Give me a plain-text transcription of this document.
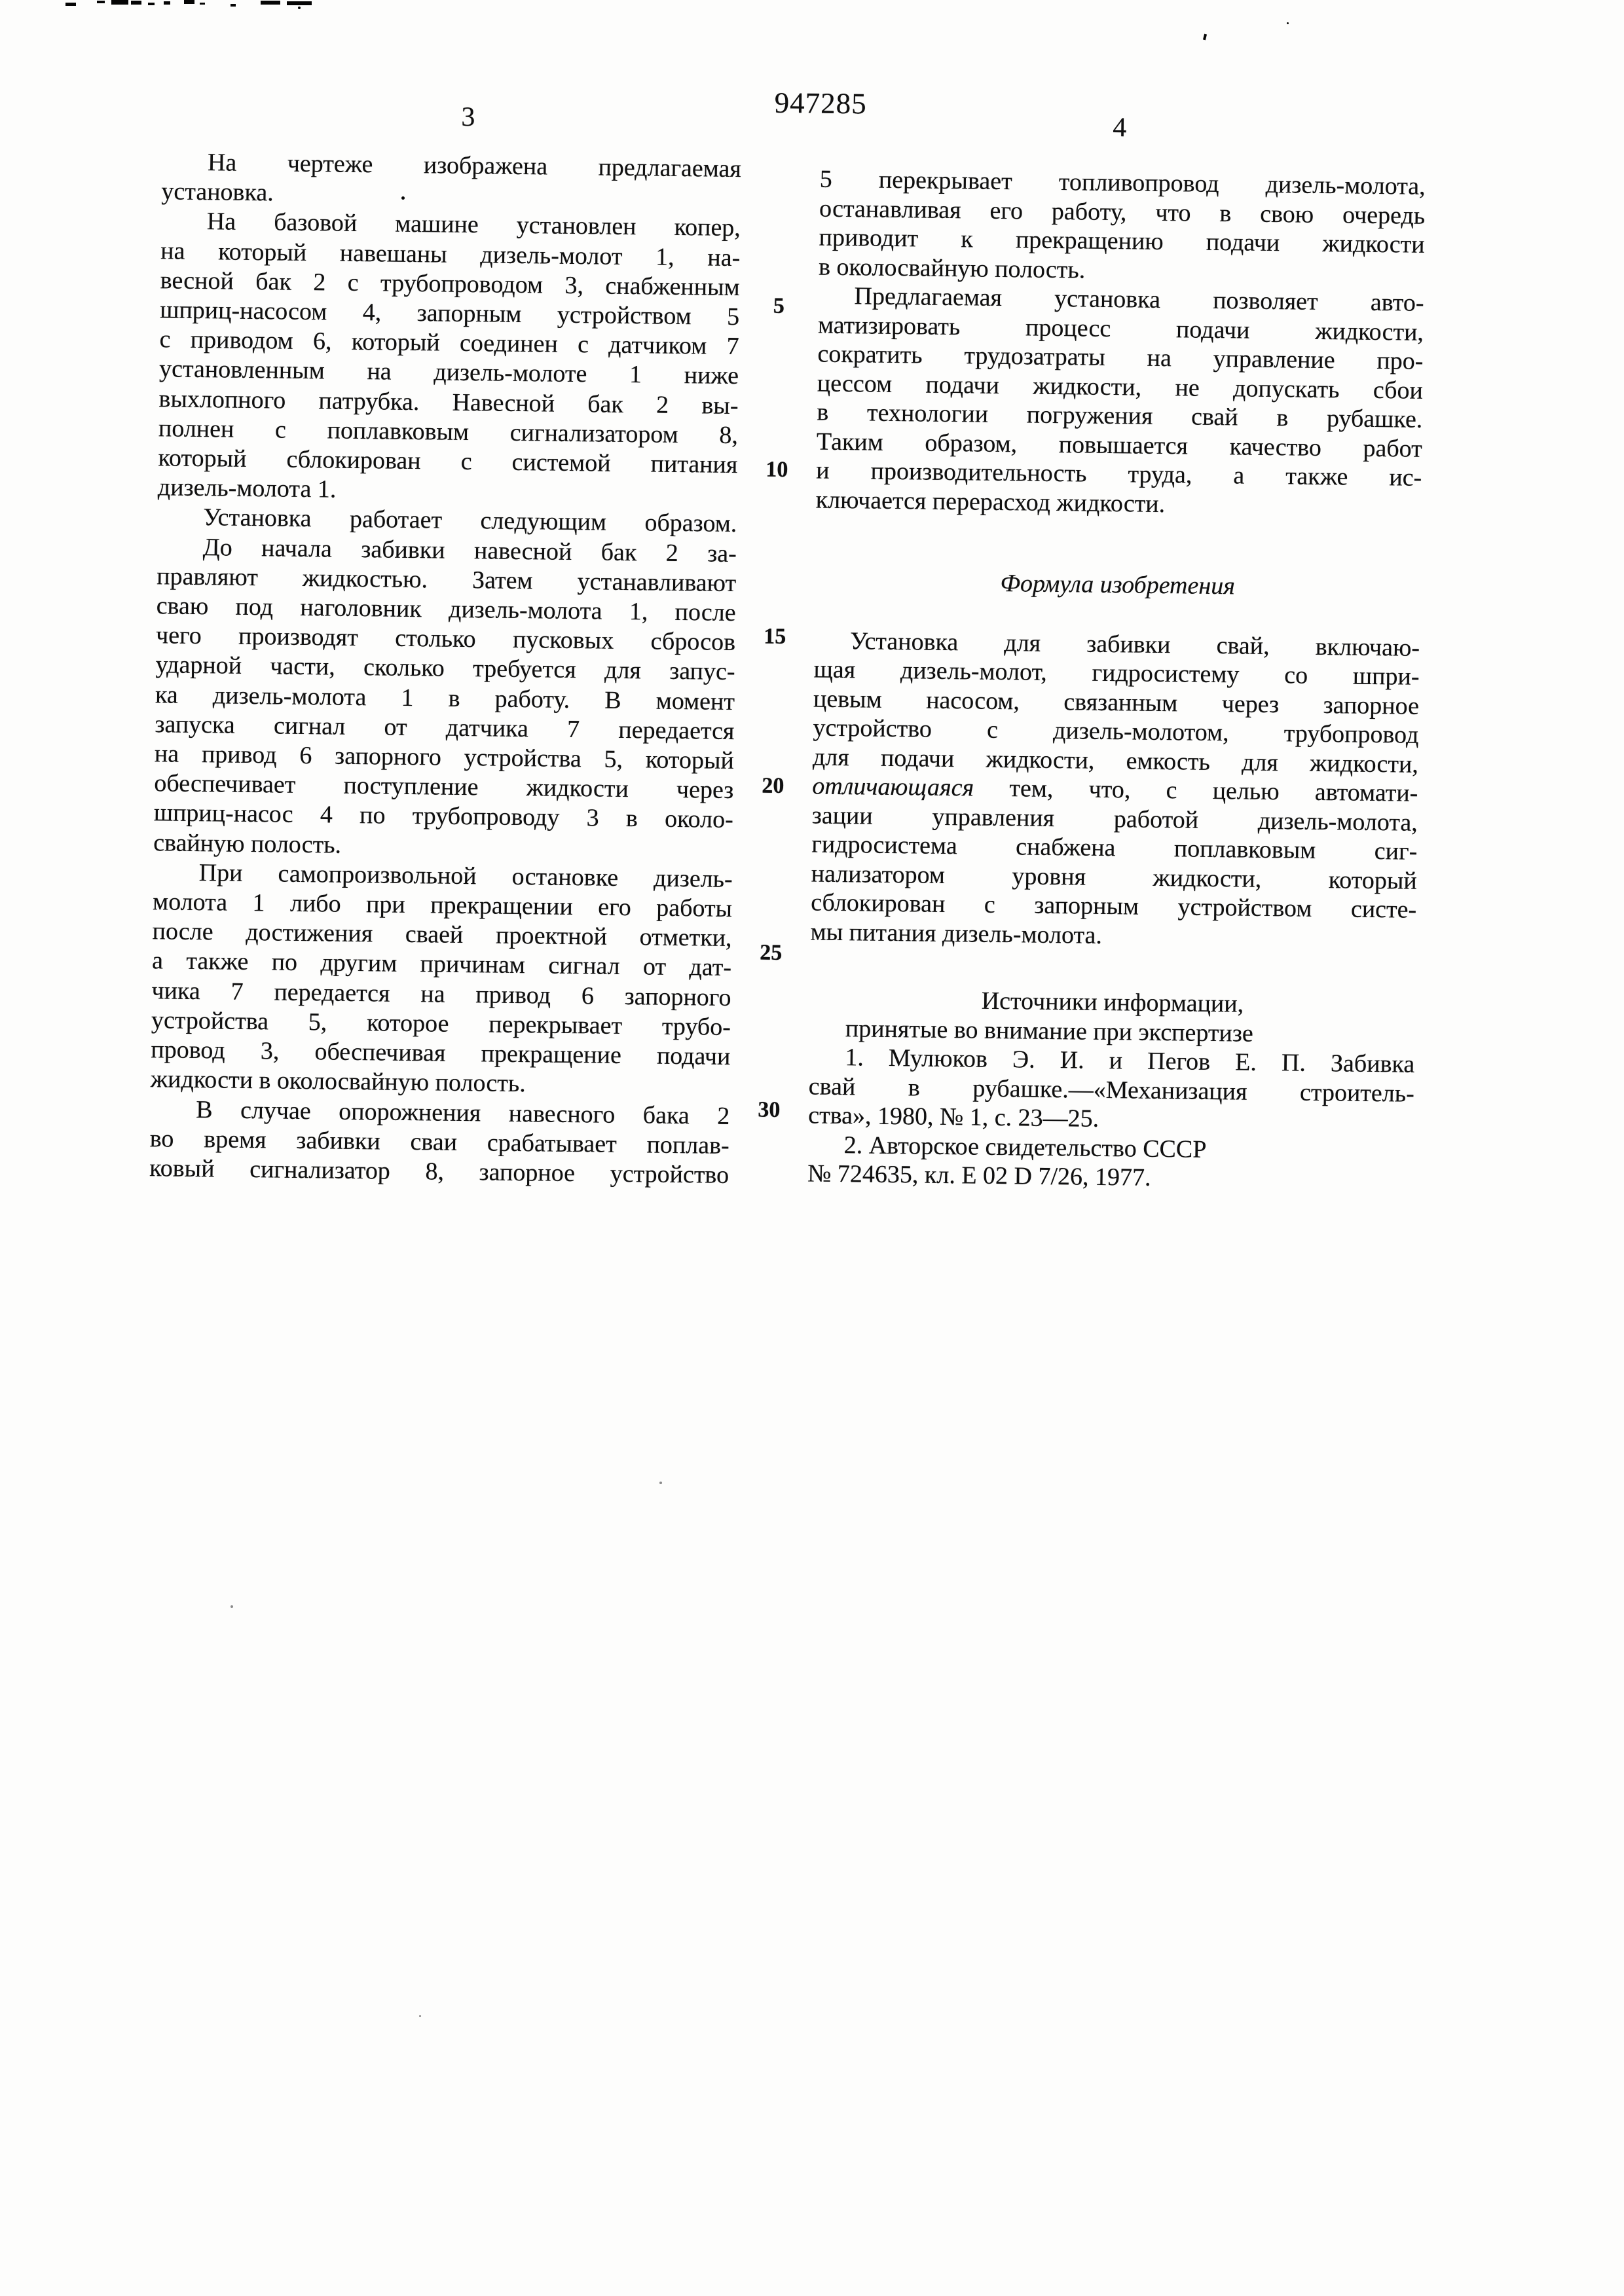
3	947285
4
На чертеже изображена предлагаемая
установка.
На базовой машине установлен копер,
на который навешаны дизель-молот 1, на-
весной бак 2 с трубопроводом 3, снабженным
шприц-насосом 4, запорным устройством 5
с приводом 6, который соединен с датчиком 7
установленным на дизель-молоте 1 ниже
выхлопного патрубка. Навесной бак 2 вы-
полнен с поплавковым сигнализатором 8,
который сблокирован с системой питания
дизель-молота 1.
Установка работает следующим образом.
До начала забивки навесной бак 2 за-
правляют жидкостью. Затем устанавливают
сваю под наголовник дизель-молота 1, после
чего производят столько пусковых сбросов
ударной части, сколько требуется для запус-
ка дизель-молота 1 в работу. В момент
запуска сигнал от датчика 7 передается
на привод 6 запорного устройства 5, который
обеспечивает поступление жидкости через
шприц-насос 4 по трубопроводу 3 в около-
свайную полость.
При самопроизвольной остановке дизель-
молота 1 либо при прекращении его работы
после достижения сваей проектной отметки,
а также по другим причинам сигнал от дат-
чика 7 передается на привод 6 запорного
устройства 5, которое перекрывает трубо-
провод 3, обеспечивая прекращение подачи
жидкости в околосвайную полость.
В случае опорожнения навесного бака 2
во время забивки сваи срабатывает поплав-
ковый сигнализатор 8, запорное устройство
5
10
15
20
25
30
5 перекрывает топливопровод дизель-молота,
останавливая его работу, что в свою очередь
приводит к прекращению подачи жидкости
в околосвайную полость.
Предлагаемая установка позволяет авто-
матизировать процесс подачи жидкости,
сократить трудозатраты на управление про-
цессом подачи жидкости, не допускать сбои
в технологии погружения свай в рубашке.
Таким образом, повышается качество работ
и производительность труда, а также ис-
ключается перерасход жидкости.
Формула изобретения
Установка для забивки свай, включаю-
щая дизель-молот, гидросистему со шпри-
цевым насосом, связанным через запорное
устройство с дизель-молотом, трубопровод
для подачи жидкости, емкость для жидкости,
отличающаяся тем, что, с целью автомати-
зации управления работой дизель-молота,
гидросистема снабжена поплавковым сиг-
нализатором уровня жидкости, который
сблокирован с запорным устройством систе-
мы питания дизель-молота.
Источники информации,
принятые во внимание при экспертизе
1. Мулюков Э. И. и Пегов Е. П. Забивка
свай в рубашке.—«Механизация строитель-
ства», 1980, № 1, с. 23—25.
2. Авторское свидетельство СССР
№ 724635, кл. Е 02 D 7/26, 1977.
